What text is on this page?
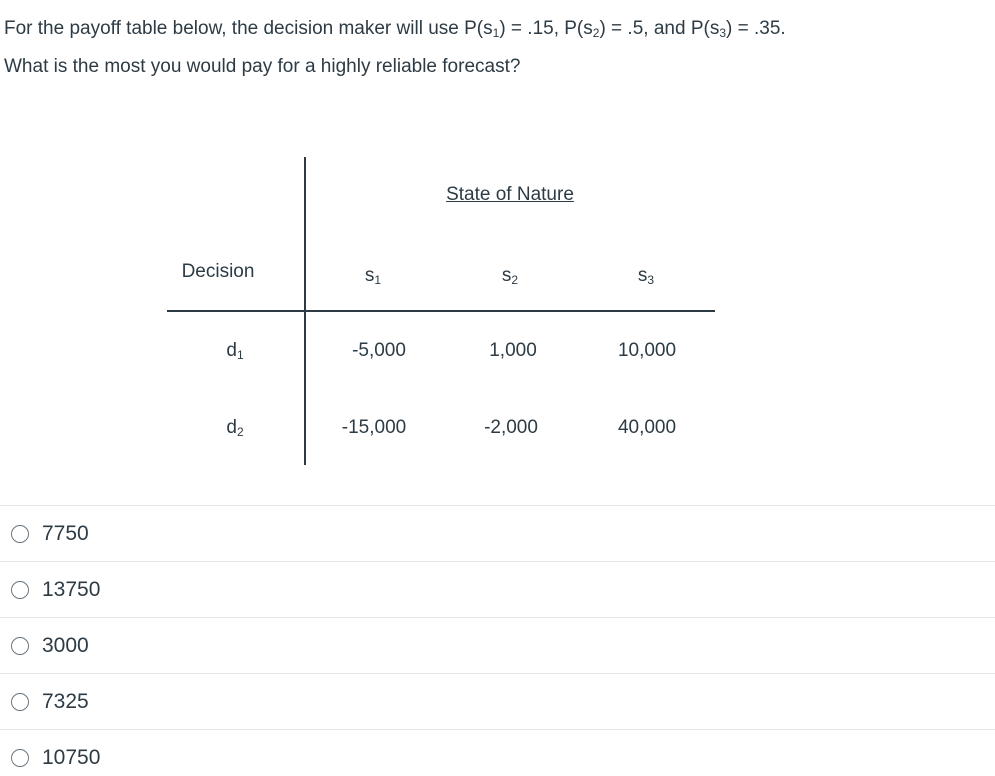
For the payoff table below, the decision maker will use $P(s_1) = .15$, $P(s_2) = .5$, and $P(s_3) = .35$.
What is the most you would pay for a highly reliable forecast?
State of Nature
Decision	$s_1$	$s_2$	$s_3$
$d_1$	-5,000	1,000	10,000
$d_2$	-15,000	-2,000	40,000
7750
13750
3000
7325
10750
